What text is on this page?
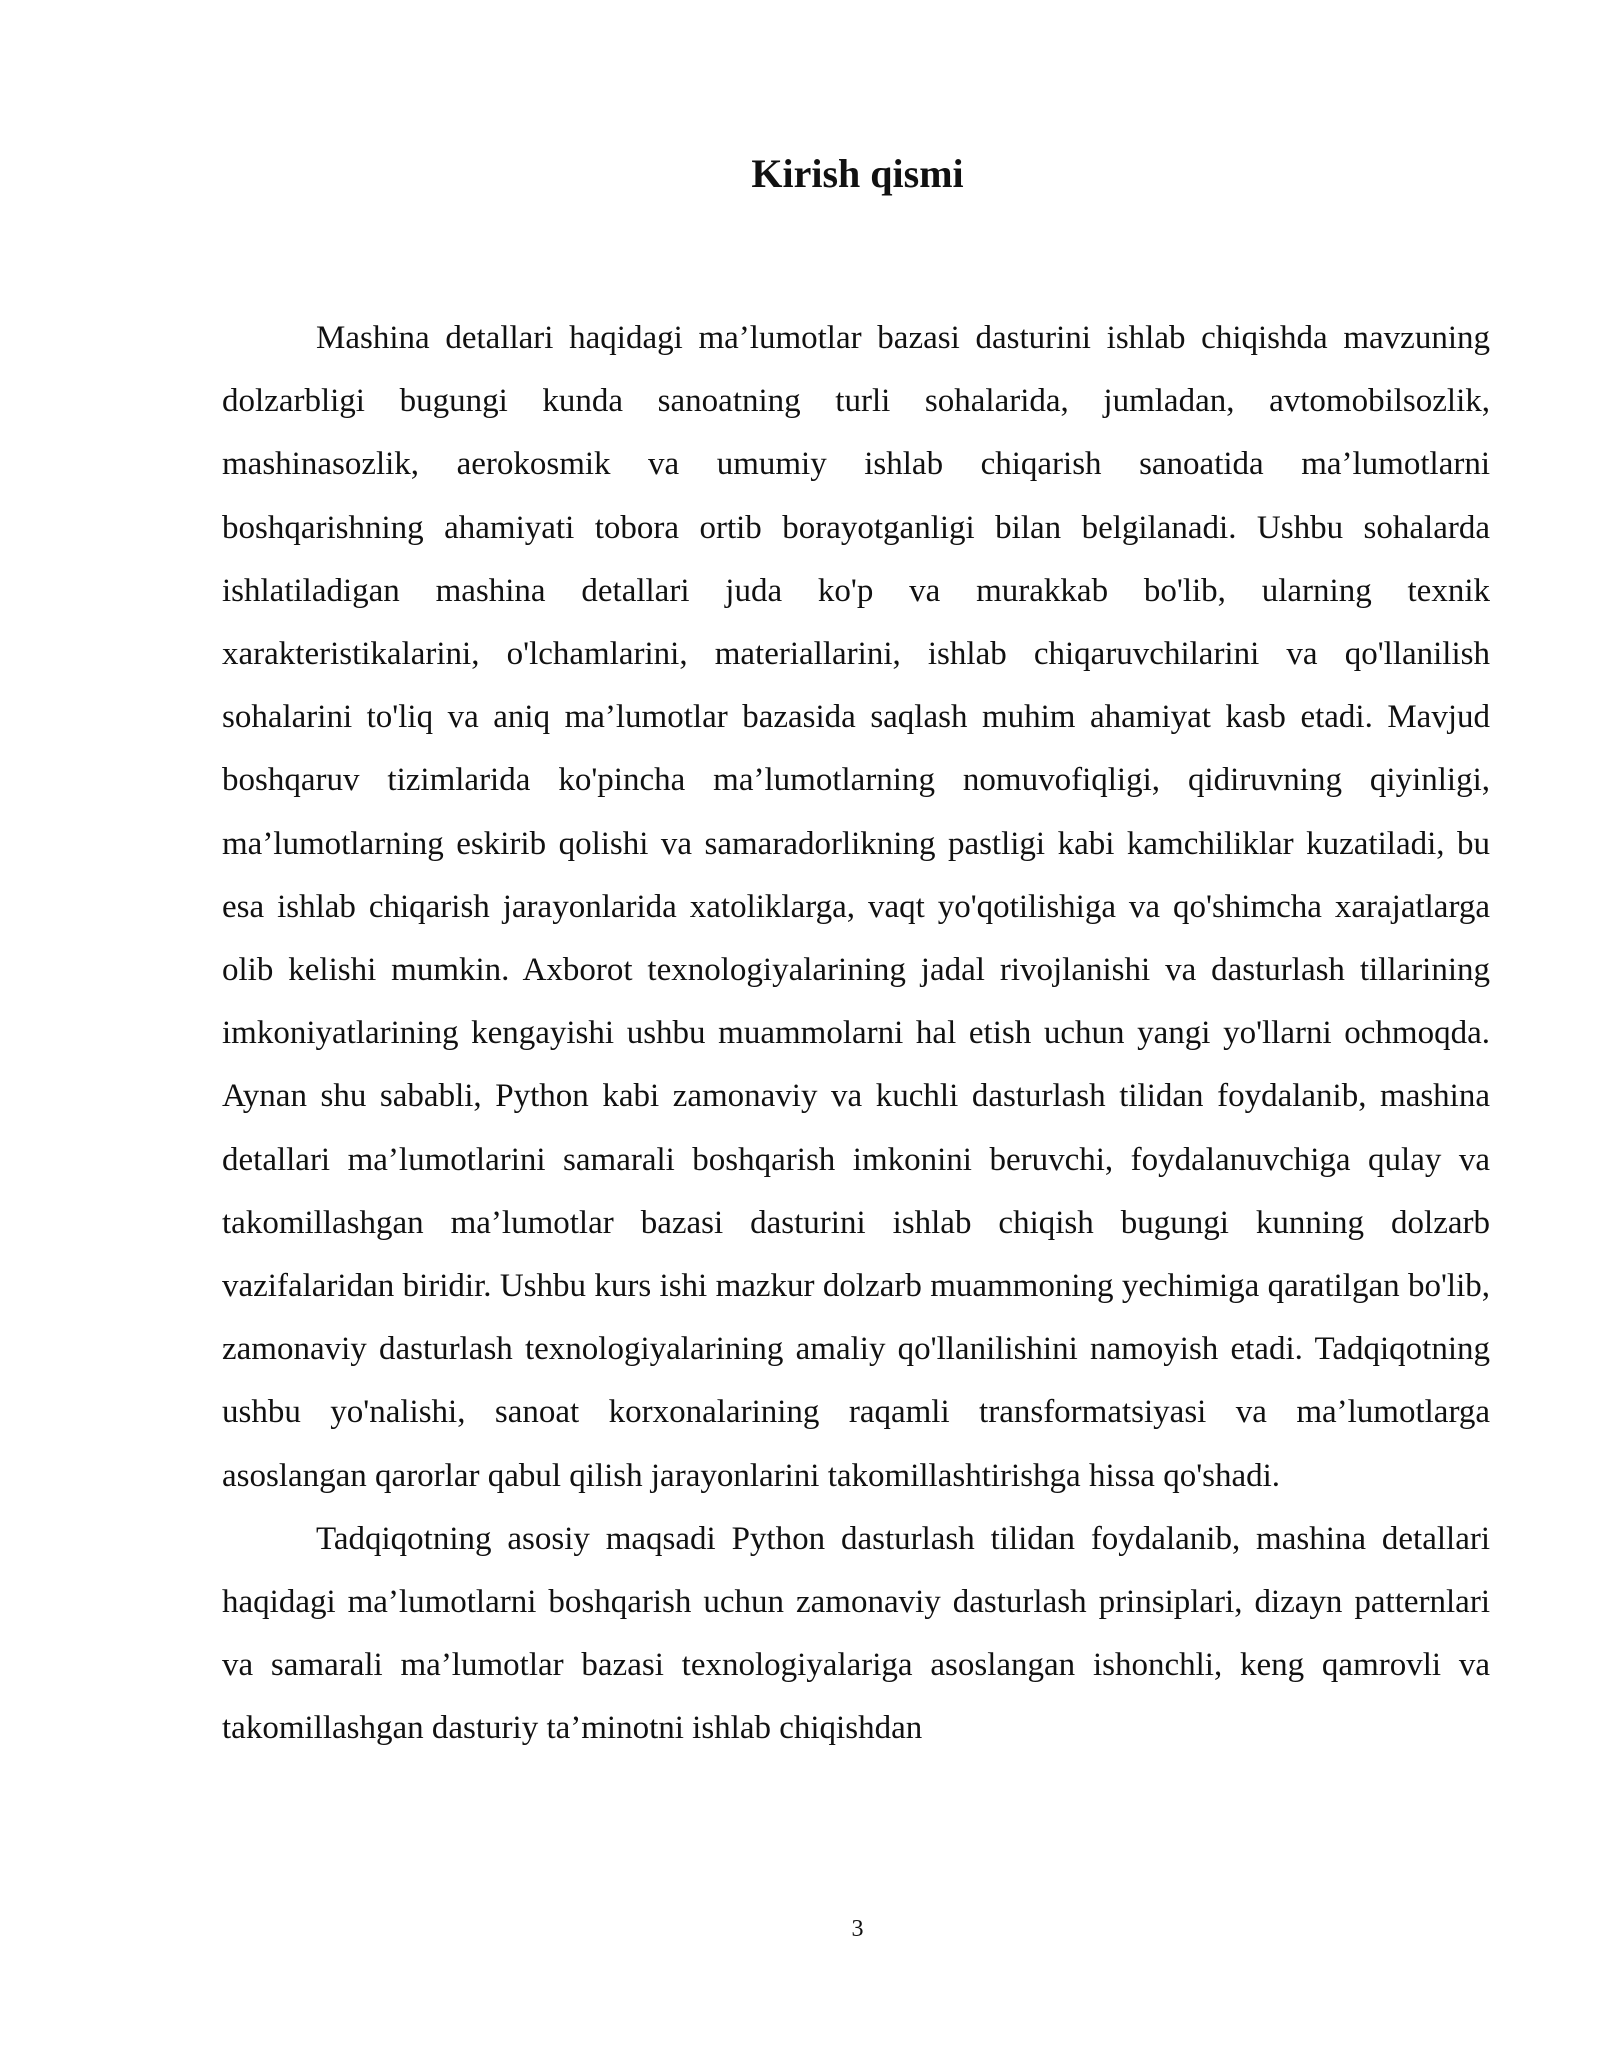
Kirish qismi

Mashina detallari haqidagi ma’lumotlar bazasi dasturini ishlab chiqishda mavzuning dolzarbligi bugungi kunda sanoatning turli sohalarida, jumladan, avtomobilsozlik, mashinasozlik, aerokosmik va umumiy ishlab chiqarish sanoatida ma’lumotlarni boshqarishning ahamiyati tobora ortib borayotganligi bilan belgilanadi. Ushbu sohalarda ishlatiladigan mashina detallari juda ko'p va murakkab bo'lib, ularning texnik xarakteristikalarini, o'lchamlarini, materiallarini, ishlab chiqaruvchilarini va qo'llanilish sohalarini to'liq va aniq ma’lumotlar bazasida saqlash muhim ahamiyat kasb etadi. Mavjud boshqaruv tizimlarida ko'pincha ma’lumotlarning nomuvofiqligi, qidiruvning qiyinligi, ma’lumotlarning eskirib qolishi va samaradorlikning pastligi kabi kamchiliklar kuzatiladi, bu esa ishlab chiqarish jarayonlarida xatoliklarga, vaqt yo'qotilishiga va qo'shimcha xarajatlarga olib kelishi mumkin. Axborot texnologiyalarining jadal rivojlanishi va dasturlash tillarining imkoniyatlarining kengayishi ushbu muammolarni hal etish uchun yangi yo'llarni ochmoqda. Aynan shu sababli, Python kabi zamonaviy va kuchli dasturlash tilidan foydalanib, mashina detallari ma’lumotlarini samarali boshqarish imkonini beruvchi, foydalanuvchiga qulay va takomillashgan ma’lumotlar bazasi dasturini ishlab chiqish bugungi kunning dolzarb vazifalaridan biridir. Ushbu kurs ishi mazkur dolzarb muammoning yechimiga qaratilgan bo'lib, zamonaviy dasturlash texnologiyalarining amaliy qo'llanilishini namoyish etadi. Tadqiqotning ushbu yo'nalishi, sanoat korxonalarining raqamli transformatsiyasi va ma’lumotlarga asoslangan qarorlar qabul qilish jarayonlarini takomillashtirishga hissa qo'shadi.

Tadqiqotning asosiy maqsadi Python dasturlash tilidan foydalanib, mashina detallari haqidagi ma’lumotlarni boshqarish uchun zamonaviy dasturlash prinsiplari, dizayn patternlari va samarali ma’lumotlar bazasi texnologiyalariga asoslangan ishonchli, keng qamrovli va takomillashgan dasturiy ta’minotni ishlab chiqishdan

3
